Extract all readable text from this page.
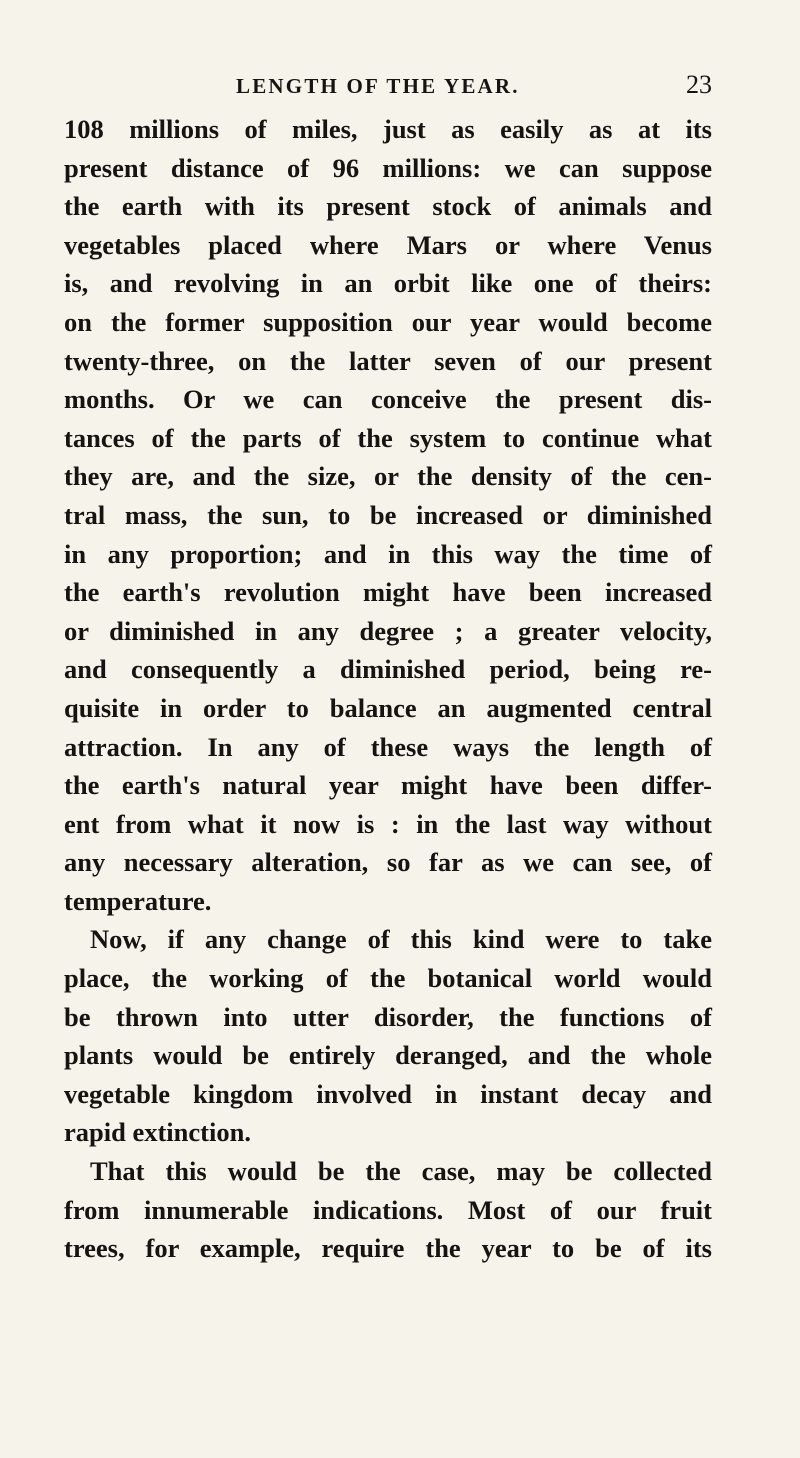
LENGTH OF THE YEAR.	23
108 millions of miles, just as easily as at its
present distance of 96 millions: we can suppose
the earth with its present stock of animals and
vegetables placed where Mars or where Venus
is, and revolving in an orbit like one of theirs:
on the former supposition our year would become
twenty-three, on the latter seven of our present
months. Or we can conceive the present dis-
tances of the parts of the system to continue what
they are, and the size, or the density of the cen-
tral mass, the sun, to be increased or diminished
in any proportion; and in this way the time of
the earth's revolution might have been increased
or diminished in any degree ; a greater velocity,
and consequently a diminished period, being re-
quisite in order to balance an augmented central
attraction. In any of these ways the length of
the earth's natural year might have been differ-
ent from what it now is : in the last way without
any necessary alteration, so far as we can see, of
temperature.
Now, if any change of this kind were to take
place, the working of the botanical world would
be thrown into utter disorder, the functions of
plants would be entirely deranged, and the whole
vegetable kingdom involved in instant decay and
rapid extinction.
That this would be the case, may be collected
from innumerable indications. Most of our fruit
trees, for example, require the year to be of its
